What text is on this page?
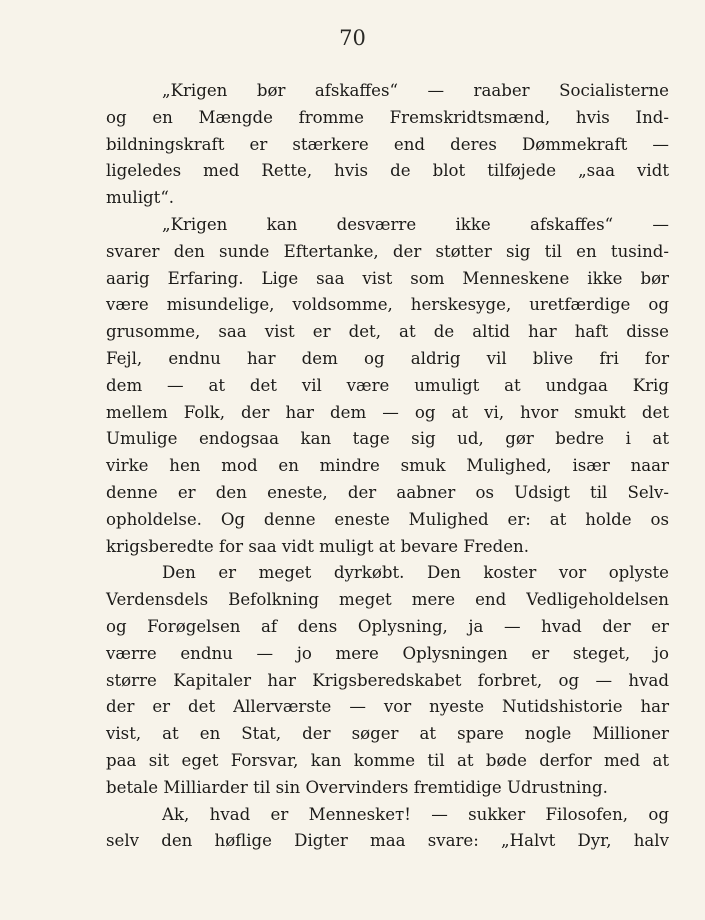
70
„Krigen bør afskaffes“ — raaber Socialisterne
og en Mængde fromme Fremskridtsmænd, hvis Ind-
bildningskraft er stærkere end deres Dømmekraft —
ligeledes med Rette, hvis de blot tilføjede „saa vidt
muligt“.
„Krigen kan desværre ikke afskaffes“ —
svarer den sunde Eftertanke, der støtter sig til en tusind-
aarig Erfaring. Lige saa vist som Menneskene ikke bør
være misundelige, voldsomme, herskesyge, uretfærdige og
grusomme, saa vist er det, at de altid har haft disse
Fejl, endnu har dem og aldrig vil blive fri for
dem — at det vil være umuligt at undgaa Krig
mellem Folk, der har dem — og at vi, hvor smukt det
Umulige endogsaa kan tage sig ud, gør bedre i at
virke hen mod en mindre smuk Mulighed, især naar
denne er den eneste, der aabner os Udsigt til Selv-
opholdelse. Og denne eneste Mulighed er: at holde os
krigsberedte for saa vidt muligt at bevare Freden.
Den er meget dyrkøbt. Den koster vor oplyste
Verdensdels Befolkning meget mere end Vedligeholdelsen
og Forøgelsen af dens Oplysning, ja — hvad der er
værre endnu — jo mere Oplysningen er steget, jo
større Kapitaler har Krigsberedskabet forbret, og — hvad
der er det Allerværste — vor nyeste Nutidshistorie har
vist, at en Stat, der søger at spare nogle Millioner
paa sit eget Forsvar, kan komme til at bøde derfor med at
betale Milliarder til sin Overvinders fremtidige Udrustning.
Ak, hvad er Menneskeт! — sukker Filosofen, og
selv den høflige Digter maa svare: „Halvt Dyr, halv
